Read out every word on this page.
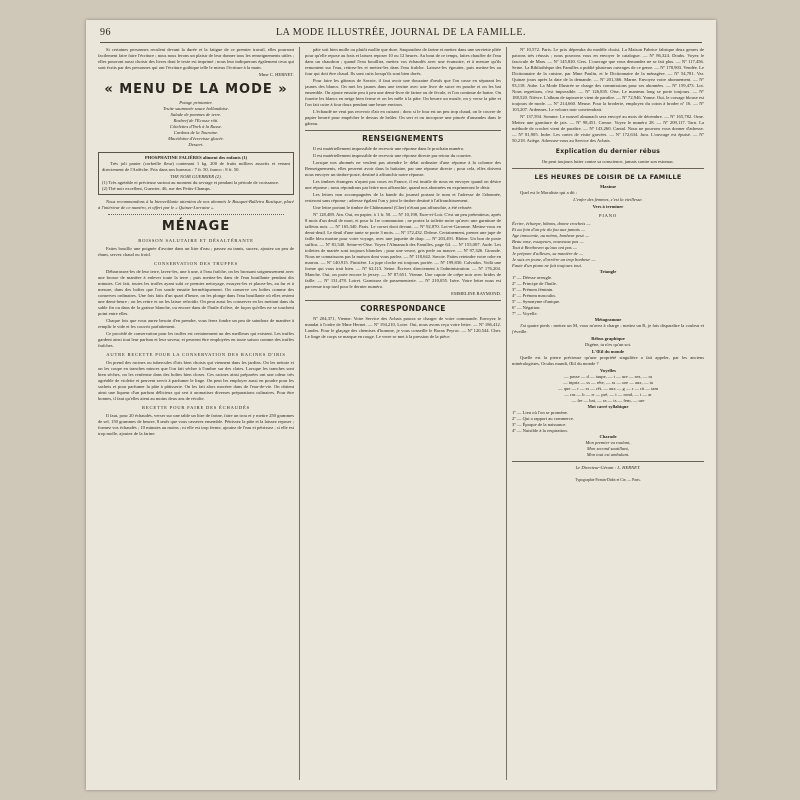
96	LA MODE ILLUSTRÉE, JOURNAL DE LA FAMILLE.

Si certaines personnes reculent devant la durée et la fatigue de ce premier travail, elles pourront facilement faire faire l'écriture ; nous nous ferons un plaisir de leur donner tous les renseignements utiles ; elles pourront aussi choisir des livres dont le texte est imprimé ; nous leur indiquerons également ceux qui sont écrits par des personnes qui ont l'écriture gothique telle le mieux l'écriture à la main.

Mme C. HERNET.

« MENU DE LA MODE »
Potage printanier.
Truite saumonée sauce hollandaise.
Salade de pommes de terre.
Rosbeef de l'Ecosse rôti.
Côtelettes d'York à la Russe.
Cardons de la Touraine.
Macédoine d'écrevisse glacée.
Dessert.
PHOSPHATINE FALIÈRES aliment des enfants (1)

Très joli panier (corbeille fleur) contenant 1 kg. 200 de fruits milliers assortis et venant directement de l'Ardèche. Prix dans nos bureaux : 7 fr. 50, franco : 8 fr. 50.

THE NOIR GUERRIER (2).
(1) Très agréable et précieuse surtout au moment du sevrage et pendant la période de croissance.
(2) Thé noir excellent, Guerrier, 46, rue des Petits-Champs.

Nous recommandons à la bienveillante attention de nos abonnés le Bouquet-Bulleira Rustique, placé à l'intérieur de ce numéro, et offert par le « Quinze-Lorraine ».

MÉNAGE
BOISSON SALUTAIRE ET DÉSALTÉRANTE

Faites bouillir une poignée d'avoine dans un litre d'eau ; passez au tamis, sucrez, ajoutez un peu de rhum, servez chaud ou froid.

CONSERVATION DES TRUFFES

Débarrassez-les de leur terre, lavez-les, une à une, à l'eau fraîche, on les brossant soigneusement avec une brosse de manière à enlever toute la terre ; puis mettez-les dans de l'eau bouillante pendant dix minutes. Cet fait, toutes les truffes ayant subi ce premier nettoyage, essuyez-les et placez-les, au fur et à mesure, dans des boîtes que l'on soude ensuite hermétiquement. On conserve ces boîtes comme des conserves ordinaires. Une fois faits d'un quart d'heure, on les plonge dans l'eau bouillante où elles restent une demi-heure ; on les retire et on les laisse refroidir. On peut aussi les conserver en les mettant dans du sable fin ou dans de la graisse blanche, ou encore dans de l'huile d'olive, de façon qu'elles ne se touchent point entre elles.

Chaque fois que vous aurez besoin d'en prendre, vous ferez fondre un peu de saindoux de manière à remplir le vide et les couvrir parfaitement.

Ce procédé de conservation pour les truffes est certainement un des meilleurs qui existent. Les truffes gardent ainsi tout leur parfum et leur saveur, et peuvent être employées en toute saison comme des truffes fraîches.

AUTRE RECETTE POUR LA CONSERVATION DES RACINES D'IRIS

On prend des racines ou tubercules d'iris bien choisis qui viennent dans les jardins. On les nettoie et on les coupe en tranches minces que l'on fait sécher à l'ombre sur des claies. Lorsque les tranches sont bien sèches, on les renferme dans des boîtes bien closes. Ces racines ainsi préparées ont une odeur très agréable de violette et peuvent servir à parfumer le linge. On peut les employer aussi en poudre pour les sachets et pour parfumer la pâte à pâtisserie. On les fait alors macérer dans de l'eau-de-vie. On obtient ainsi une liqueur d'un parfum délicieux qui sert à aromatiser diverses préparations culinaires. Pour être bonnes, il faut qu'elles aient au moins deux ans de récolte.

RECETTE POUR FAIRE DES ÉCHAUDÉS

Il faut, pour 20 échaudés, verser sur une table un litre de farine, faire un trou et y mettre 250 grammes de sel, 150 grammes de beurre, 8 œufs que vous casserez ensemble. Pétrissez la pâte et la laissez reposer ; formez vos échaudés ; 10 minutes au moins ; ni elle est trop ferme, ajoutez de l'eau et pétrissez ; si elle est trop molle, ajoutez de la farine.

pâte soit bien molle ou plutôt mollie que dure. Saupoudrez de farine et mettez dans une serviette pliée pour qu'elle repose au frais et laissez reposer 10 ou 12 heures. Au bout de ce temps, faites chauffer de l'eau dans un chaudron ; quand l'eau bouillira, mettez vos échaudés avec une écumoire, et à mesure qu'ils remontent sur l'eau, retirez-les et mettez-les dans l'eau fraîche. Laissez-les égoutter, puis mettez-les au four qui doit être chaud. Ils sont cuits lorsqu'ils sont bien dorés.

Pour faire les gâteaux de Savoie, il faut avoir une douzaine d'œufs que l'on casse en séparant les jaunes des blancs. On met les jaunes dans une terrine avec une livre de sucre en poudre et on les bat ensemble. On ajoute ensuite peu à peu une demi-livre de farine ou de fécule, et l'on continue de battre. On fouette les blancs en neige bien ferme et on les mêle à la pâte. On beurre un moule, on y verse la pâte et l'on fait cuire à four doux pendant une heure environ.

L'échaudé ne veut pas recevoir d'air en cuisant ; donc si le four est un peu trop chaud, on le couvre de papier beurré pour empêcher le dessus de brûler. On sert et on incorpore une pincée d'amandes dans le gâteau.

RENSEIGNEMENTS

Il est matériellement impossible de recevoir une réponse dans le prochain numéro.

Il est matériellement impossible de recevoir une réponse directe par retour du courrier.

Lorsque nos abonnés ne veulent pas attendre le délai ordinaire d'une réponse à la colonne des Renseignements, elles peuvent avoir dans la huitaine, par une réponse directe ; pour cela, elles doivent nous envoyer un timbre-poste, destiné à affranchir notre réponse.

Les timbres étrangers n'ayant pas cours en France, il est inutile de nous en envoyer quand on désire une réponse ; nous répondrons par lettre non affranchie, quand nos abonnées en exprimeront le désir.

Les lettres non accompagnées de la bande du journal portant le nom et l'adresse de l'abonnée, resteront sans réponse ; adresse égalant l'un y joint le timbre destiné à l'affranchissement.

Une lettre portant le timbre de Châteauneuf (Cher) n'étant pas affranchie, a été refusée.

Nº 128,489. Ain. Oui, en papier, à 1 fr. 50. — Nº 10,198, Eure-et-Loir. C'est un peu prétentieux, après 8 mois d'un deuil de mari, et pour la 1re communion ; ne portez la toilette noire qu'avec une garniture de taffetas noir. — Nº 165,340. Paris. Le corset droit devant. — Nº 92,870. Lot-et-Garonne. Mettez-vous en demi-deuil. Le deuil d'une tante se porte 3 mois. — Nº 172,432. Drôme. Certainement, prenez une jupe de faille bleu marine pour votre voyage, avec une jaquette de drap. — Nº 203,491. Rhône. Un bon de poste suffira. — Nº 81,540. Seine-et-Oise. Voyez l'Almanach des Familles, page 64. — Nº 155,007. Aude. Les toilettes de mariée sont toujours blanches ; pour une veuve, gris perle ou mauve. — Nº 97,326. Gironde. Nous ne connaissons pas la maison dont vous parlez. — Nº 118,642. Savoie. Faites reteindre votre robe en marron. — Nº 140,915. Finistère. La jupe cloche est toujours portée. — Nº 199,830. Calvados. Voilà une forme qui vous irait bien. — Nº 62,113. Seine. Écrivez directement à l'administration. — Nº 176,204. Manche. Oui, on porte encore le jersey. — Nº 87,651. Vienne. Une capote de crêpe noir avec brides de faille. — Nº 131,478. Loiret. Garnissez de passementerie. — Nº 210,055. Isère. Votre lettre nous est parvenue trop tard pour le dernier numéro.

EMMELINE RAYMOND.

CORRESPONDANCE

Nº 204,371, Vienne. Votre Service des Achats pourra se charger de votre commande. Envoyez le mandat à l'ordre de Mme Hernet. — Nº 194,210, Loire. Oui, nous avons reçu votre lettre. — Nº 186,412. Landes. Pour le glaçage des chemises d'homme, je vous conseille le Borax Peyrac. — Nº 120,544. Cher. Le linge de corps se marque en rouge. Le verre se met à la pression de la pièce.

Nº 10,572. Paris. Le prix dépendra du modèle choisi. La Maison Fabrice fabrique deux genres de patrons très réussis ; nous pouvons vous en envoyer le catalogue. — Nº 86,324. Doubs. Voyez le fascicule de Mars. — Nº 145,820. Gers. L'ouvrage que vous demandez ne se fait plus. — Nº 117,456. Seine. La Bibliothèque des Familles a publié plusieurs ouvrages de ce genre. — Nº 178,903. Vendée. Le Dictionnaire de la cuisine, par Mme Paulin, et le Dictionnaire de la ménagère. — Nº 54,781. Var. Quinze jours après la date de la demande. — Nº 201,366. Marne. Envoyez votre abonnement. — Nº 93,118. Aube. La Mode Illustrée se charge des commissions pour ses abonnées. — Nº 159,473. Lot. Nous regrettons, c'est impossible. — Nº 126,835. Oise. Le manteau long se porte toujours. — Nº 188,520. Nièvre. L'album de tapisserie vient de paraître. — Nº 72,946. Yonne. Oui, le corsage blouse est toujours de mode. — Nº 214,660. Meuse. Pour la broderie, employez du coton à broder nº 16. — Nº 103,207. Ardennes. Le velours noir conviendrait.

Nº 137,594. Somme. Le nouvel almanach sera envoyé au mois de décembre. — Nº 165,782. Orne. Mettez une garniture de jais. — Nº 98,451. Creuse. Voyez le numéro 28. — Nº 209,117. Tarn. La méthode de crochet vient de paraître. — Nº 143,260. Cantal. Nous ne pouvons vous donner d'adresse. — Nº 81,905. Indre. Les cartes de visite gravées. — Nº 172,634. Jura. L'ouvrage est épuisé. — Nº 50,218. Ariège. Adressez-vous au Service des Achats.

Explication du dernier rébus

On peut toujours lutter contre sa conscience, jamais contre son estomac.

LES HEURES DE LOISIR DE LA FAMILLE
Maxime

Quel est le Moraliste qui a dit :

L'enfer des femmes, c'est la vieillesse.

Vers à terminer
PIANO
Écrire, écharpe, bâtons, donne crochets —
Et au foin d'un pic du fou aux jamais —
Age innocente, au mémo, bonheur peut —
Beau vase, essayeurs, nouveaux pas —
Tout à Beethoven qu'aux ont pas —
Je prépare d'ailleurs, sa manière de —
Je suis en jeune, d'arrière un trop bonheur —
Faute d'un piano ne fait toujours tout.
Triangle
1º — Déesse aveugle.
2º — Principe de l'huile.
3º — Prénom féminin.
4º — Prénom masculin.
5º — Synonyme d'unique.
6º — Négation.
7º — Voyelle.
Métagramme

J'ai quatre pieds : mettez un M, vous m'avez à charge ; mettez un R, je fais disparaître la couleur et j'éveille.

Rébus graphique

Digéne, tu n'es qu'un sot.

L'Œil du monde

Quelle est la pierre précieuse qu'une propriété singulière a fait appeler, par les anciens minéralogistes, Oculus mundi, Œil du monde ?

Voyelles
— passe — d — taupe, — t — ure — sez, — ra
— inpriz — ss — rête, — ss — ure — aux, — ta
— que — r — ss — rêt, — aux — g — r — rit — tam
— ras — b — rr — pré, — t — rond, — t — ar
— fre — bat, — ra — ts — fem, — ure
Mot carré syllabique
1º — Lieu où l'on se promène.
2º — Qui a rapport au commerce.
3º — Époque de la naissance.
4º — Nuisible à la respiration.
Charade
Mon premier va roulant,
Mon second sautillant,
Mon tout est ambulant.

Le Directeur-Gérant : L. HERNET.

Typographie Firmin-Didot et Cie, — Paris.
